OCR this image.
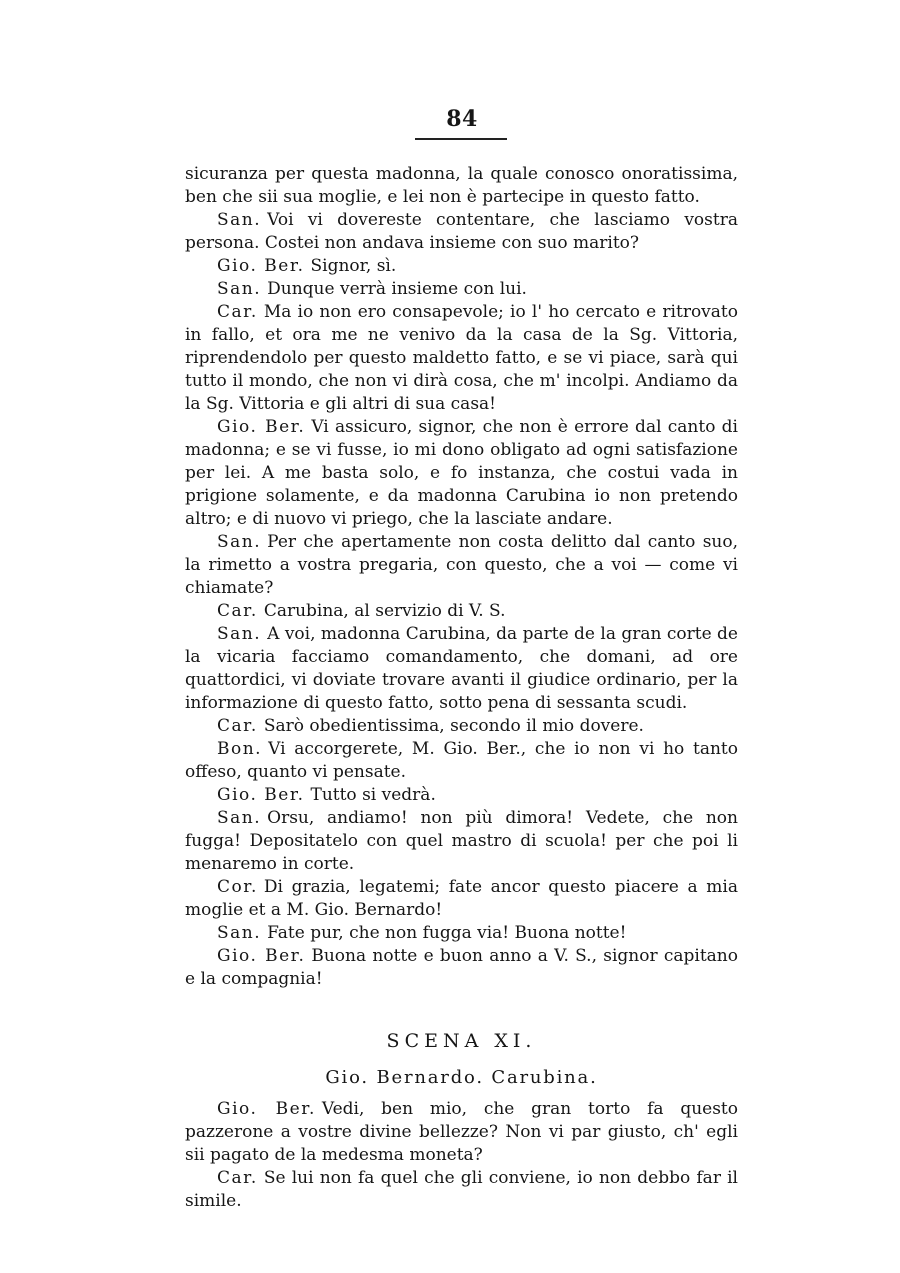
84

sicuranza per questa madonna, la quale conosco onoratissima, ben che sii sua moglie, e lei non è partecipe in questo fatto.

San. Voi vi dovereste contentare, che lasciamo vostra persona. Costei non andava insieme con suo marito?

Gio. Ber. Signor, sì.

San. Dunque verrà insieme con lui.

Car. Ma io non ero consapevole; io l' ho cercato e ritrovato in fallo, et ora me ne venivo da la casa de la Sg. Vittoria, riprendendolo per questo maldetto fatto, e se vi piace, sarà qui tutto il mondo, che non vi dirà cosa, che m' incolpi. Andiamo da la Sg. Vittoria e gli altri di sua casa!

Gio. Ber. Vi assicuro, signor, che non è errore dal canto di madonna; e se vi fusse, io mi dono obligato ad ogni satisfazione per lei. A me basta solo, e fo instanza, che costui vada in prigione solamente, e da madonna Carubina io non pretendo altro; e di nuovo vi priego, che la lasciate andare.

San. Per che apertamente non costa delitto dal canto suo, la rimetto a vostra pregaria, con questo, che a voi — come vi chiamate?

Car. Carubina, al servizio di V. S.

San. A voi, madonna Carubina, da parte de la gran corte de la vicaria facciamo comandamento, che domani, ad ore quattordici, vi doviate trovare avanti il giudice ordinario, per la informazione di questo fatto, sotto pena di sessanta scudi.

Car. Sarò obedientissima, secondo il mio dovere.

Bon. Vi accorgerete, M. Gio. Ber., che io non vi ho tanto offeso, quanto vi pensate.

Gio. Ber. Tutto si vedrà.

San. Orsu, andiamo! non più dimora! Vedete, che non fugga! Depositatelo con quel mastro di scuola! per che poi li menaremo in corte.

Cor. Di grazia, legatemi; fate ancor questo piacere a mia moglie et a M. Gio. Bernardo!

San. Fate pur, che non fugga via! Buona notte!

Gio. Ber. Buona notte e buon anno a V. S., signor capitano e la compagnia!

SCENA XI.
Gio. Bernardo. Carubina.

Gio. Ber. Vedi, ben mio, che gran torto fa questo pazzerone a vostre divine bellezze? Non vi par giusto, ch' egli sii pagato de la medesma moneta?

Car. Se lui non fa quel che gli conviene, io non debbo far il simile.
